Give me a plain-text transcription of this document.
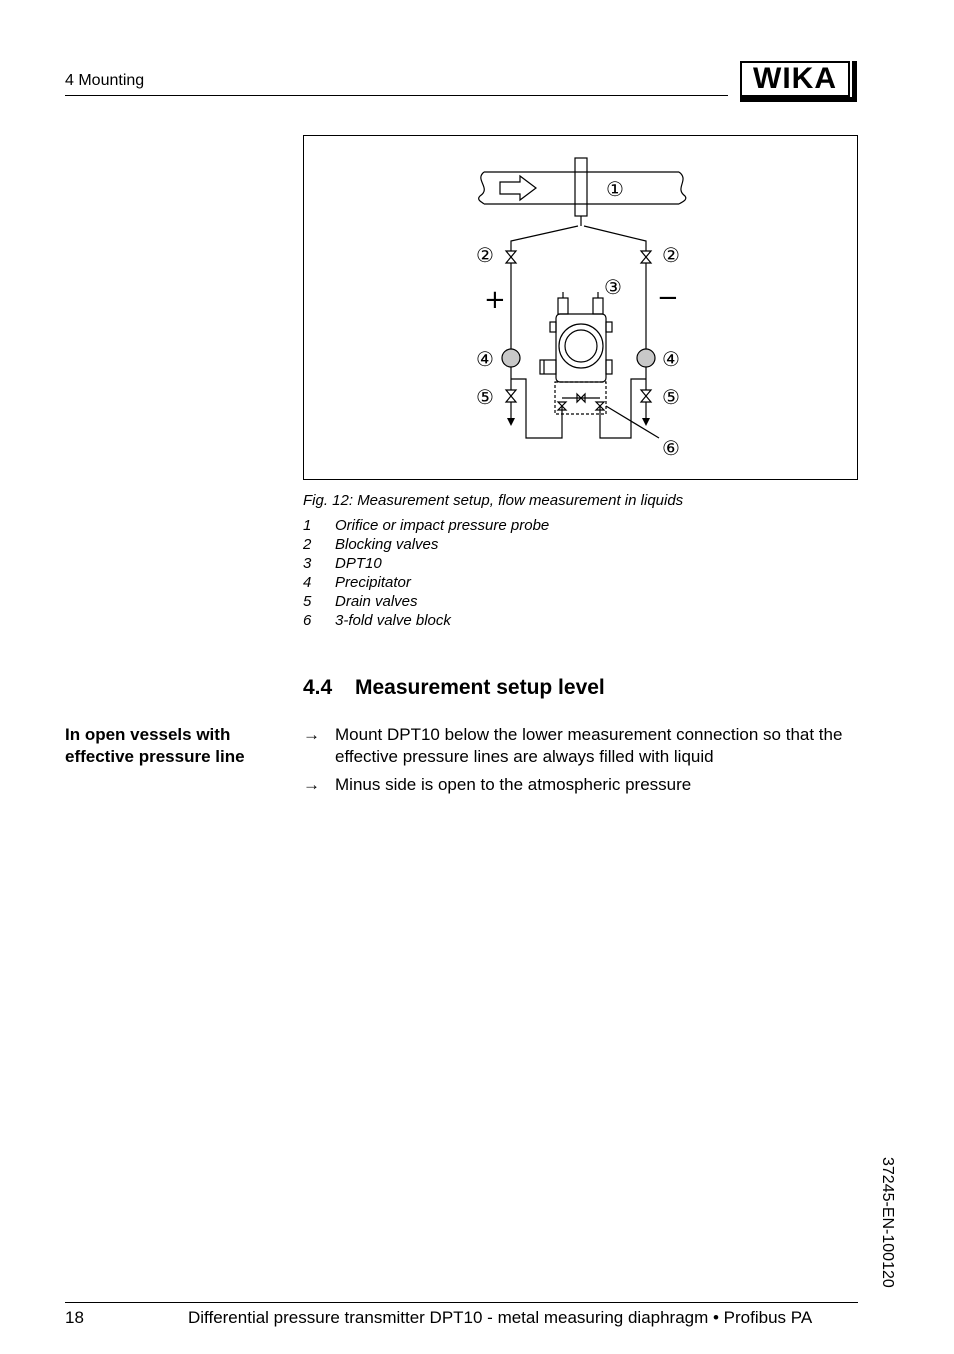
4 Mounting	WIKA
①
②	②
③
④	④
⑤	⑤
⑥
+	−
Fig. 12: Measurement setup, flow measurement in liquids
1	Orifice or impact pressure probe
2	Blocking valves
3	DPT10
4	Precipitator
5	Drain valves
6	3-fold valve block
4.4 Measurement setup level
In open vessels with effective pressure line
→ Mount DPT10 below the lower measurement connection so that the effective pressure lines are always filled with liquid
→ Minus side is open to the atmospheric pressure
37245-EN-100120
18	Differential pressure transmitter DPT10 - metal measuring diaphragm • Profibus PA
